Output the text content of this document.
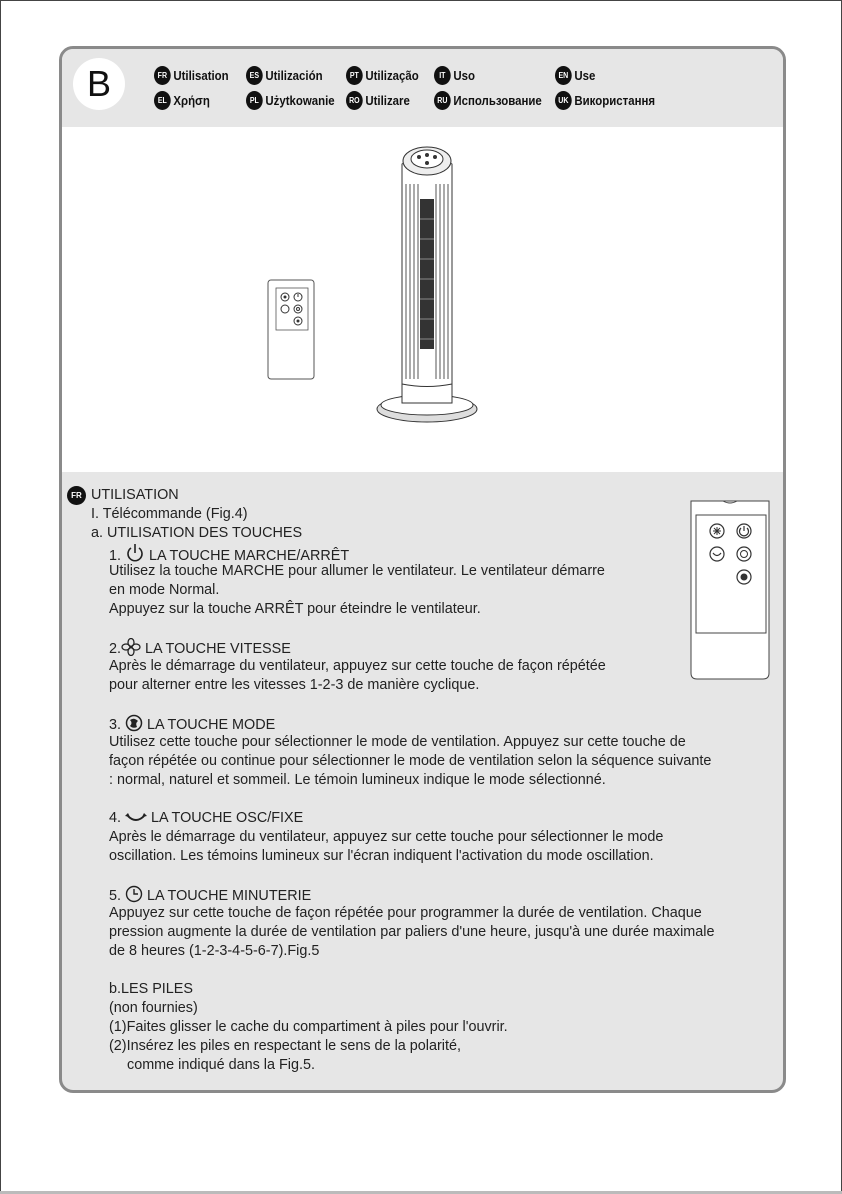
B	FR Utilisation	ES Utilización	PT Utilização	IT Uso	EN Use
EL Χρήση	PL Użytkowanie	RO Utilizare	RU Использование	UK Використання
FR UTILISATION
I. Télécommande (Fig.4)
a. UTILISATION DES TOUCHES
1. LA TOUCHE MARCHE/ARRÊT
Utilisez la touche MARCHE pour allumer le ventilateur. Le ventilateur démarre
en mode Normal.
Appuyez sur la touche ARRÊT pour éteindre le ventilateur.
2. LA TOUCHE VITESSE
Après le démarrage du ventilateur, appuyez sur cette touche de façon répétée
pour alterner entre les vitesses 1-2-3 de manière cyclique.
3. LA TOUCHE MODE
Utilisez cette touche pour sélectionner le mode de ventilation. Appuyez sur cette touche de
façon répétée ou continue pour sélectionner le mode de ventilation selon la séquence suivante
: normal, naturel et sommeil. Le témoin lumineux indique le mode sélectionné.
4. LA TOUCHE OSC/FIXE
Après le démarrage du ventilateur, appuyez sur cette touche pour sélectionner le mode
oscillation. Les témoins lumineux sur l'écran indiquent l'activation du mode oscillation.
5. LA TOUCHE MINUTERIE
Appuyez sur cette touche de façon répétée pour programmer la durée de ventilation. Chaque
pression augmente la durée de ventilation par paliers d'une heure, jusqu'à une durée maximale
de 8 heures (1-2-3-4-5-6-7).Fig.5
b.LES PILES
(non fournies)
(1)Faites glisser le cache du compartiment à piles pour l'ouvrir.
(2)Insérez les piles en respectant le sens de la polarité,
comme indiqué dans la Fig.5.
